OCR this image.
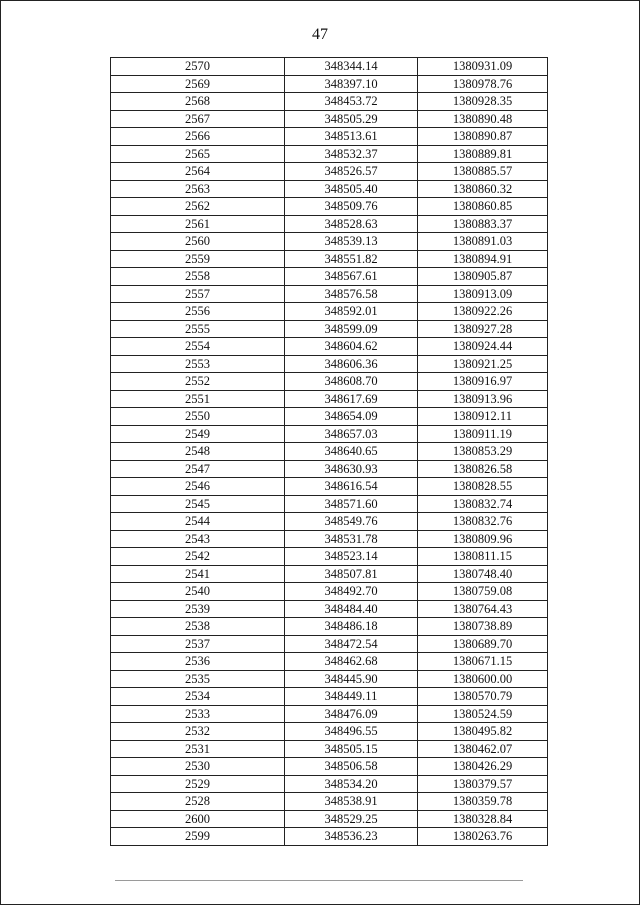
47
2570	348344.14	1380931.09
2569	348397.10	1380978.76
2568	348453.72	1380928.35
2567	348505.29	1380890.48
2566	348513.61	1380890.87
2565	348532.37	1380889.81
2564	348526.57	1380885.57
2563	348505.40	1380860.32
2562	348509.76	1380860.85
2561	348528.63	1380883.37
2560	348539.13	1380891.03
2559	348551.82	1380894.91
2558	348567.61	1380905.87
2557	348576.58	1380913.09
2556	348592.01	1380922.26
2555	348599.09	1380927.28
2554	348604.62	1380924.44
2553	348606.36	1380921.25
2552	348608.70	1380916.97
2551	348617.69	1380913.96
2550	348654.09	1380912.11
2549	348657.03	1380911.19
2548	348640.65	1380853.29
2547	348630.93	1380826.58
2546	348616.54	1380828.55
2545	348571.60	1380832.74
2544	348549.76	1380832.76
2543	348531.78	1380809.96
2542	348523.14	1380811.15
2541	348507.81	1380748.40
2540	348492.70	1380759.08
2539	348484.40	1380764.43
2538	348486.18	1380738.89
2537	348472.54	1380689.70
2536	348462.68	1380671.15
2535	348445.90	1380600.00
2534	348449.11	1380570.79
2533	348476.09	1380524.59
2532	348496.55	1380495.82
2531	348505.15	1380462.07
2530	348506.58	1380426.29
2529	348534.20	1380379.57
2528	348538.91	1380359.78
2600	348529.25	1380328.84
2599	348536.23	1380263.76
